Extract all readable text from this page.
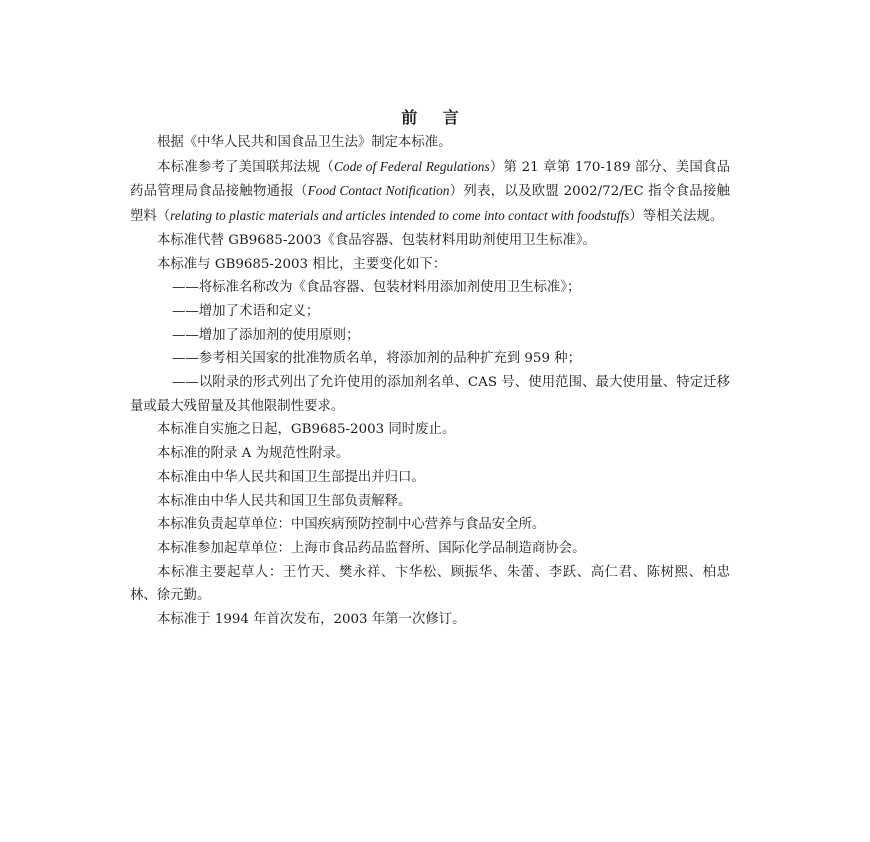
前 言

根据《中华人民共和国食品卫生法》制定本标准。

本标准参考了美国联邦法规（Code of Federal Regulations）第 21 章第 170-189 部分、美国食品药品管理局食品接触物通报（Food Contact Notification）列表，以及欧盟 2002/72/EC 指令食品接触塑料（relating to plastic materials and articles intended to come into contact with foodstuffs）等相关法规。

本标准代替 GB9685-2003《食品容器、包装材料用助剂使用卫生标准》。

本标准与 GB9685-2003 相比，主要变化如下：

——将标准名称改为《食品容器、包装材料用添加剂使用卫生标准》；

——增加了术语和定义；

——增加了添加剂的使用原则；

——参考相关国家的批准物质名单，将添加剂的品种扩充到 959 种；

——以附录的形式列出了允许使用的添加剂名单、CAS 号、使用范围、最大使用量、特定迁移量或最大残留量及其他限制性要求。

本标准自实施之日起，GB9685-2003 同时废止。

本标准的附录 A 为规范性附录。

本标准由中华人民共和国卫生部提出并归口。

本标准由中华人民共和国卫生部负责解释。

本标准负责起草单位：中国疾病预防控制中心营养与食品安全所。

本标准参加起草单位：上海市食品药品监督所、国际化学品制造商协会。

本标准主要起草人：王竹天、樊永祥、卞华松、顾振华、朱蕾、李跃、高仁君、陈树熙、柏忠林、徐元勤。

本标准于 1994 年首次发布，2003 年第一次修订。
